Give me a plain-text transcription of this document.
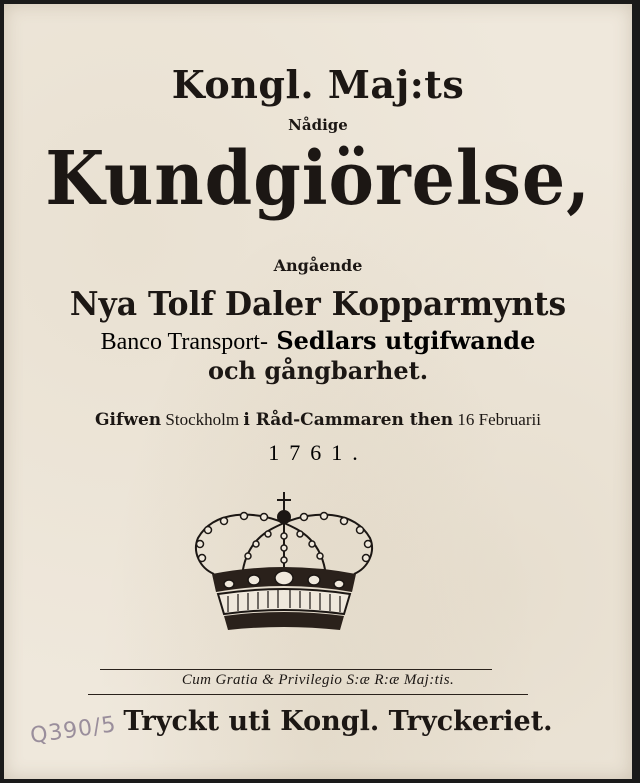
Kongl. Maj:ts
Nådige
Kundgiörelse,
Angående
Nya Tolf Daler Kopparmynts
Banco Transport- Sedlars utgifwande
och gångbarhet.
Gifwen Stockholm i Råd-Cammaren then 16 Februarii
1761.
Cum Gratia & Privilegio S:æ R:æ Maj:tis.
Tryckt uti Kongl. Tryckeriet.
Q390/5
